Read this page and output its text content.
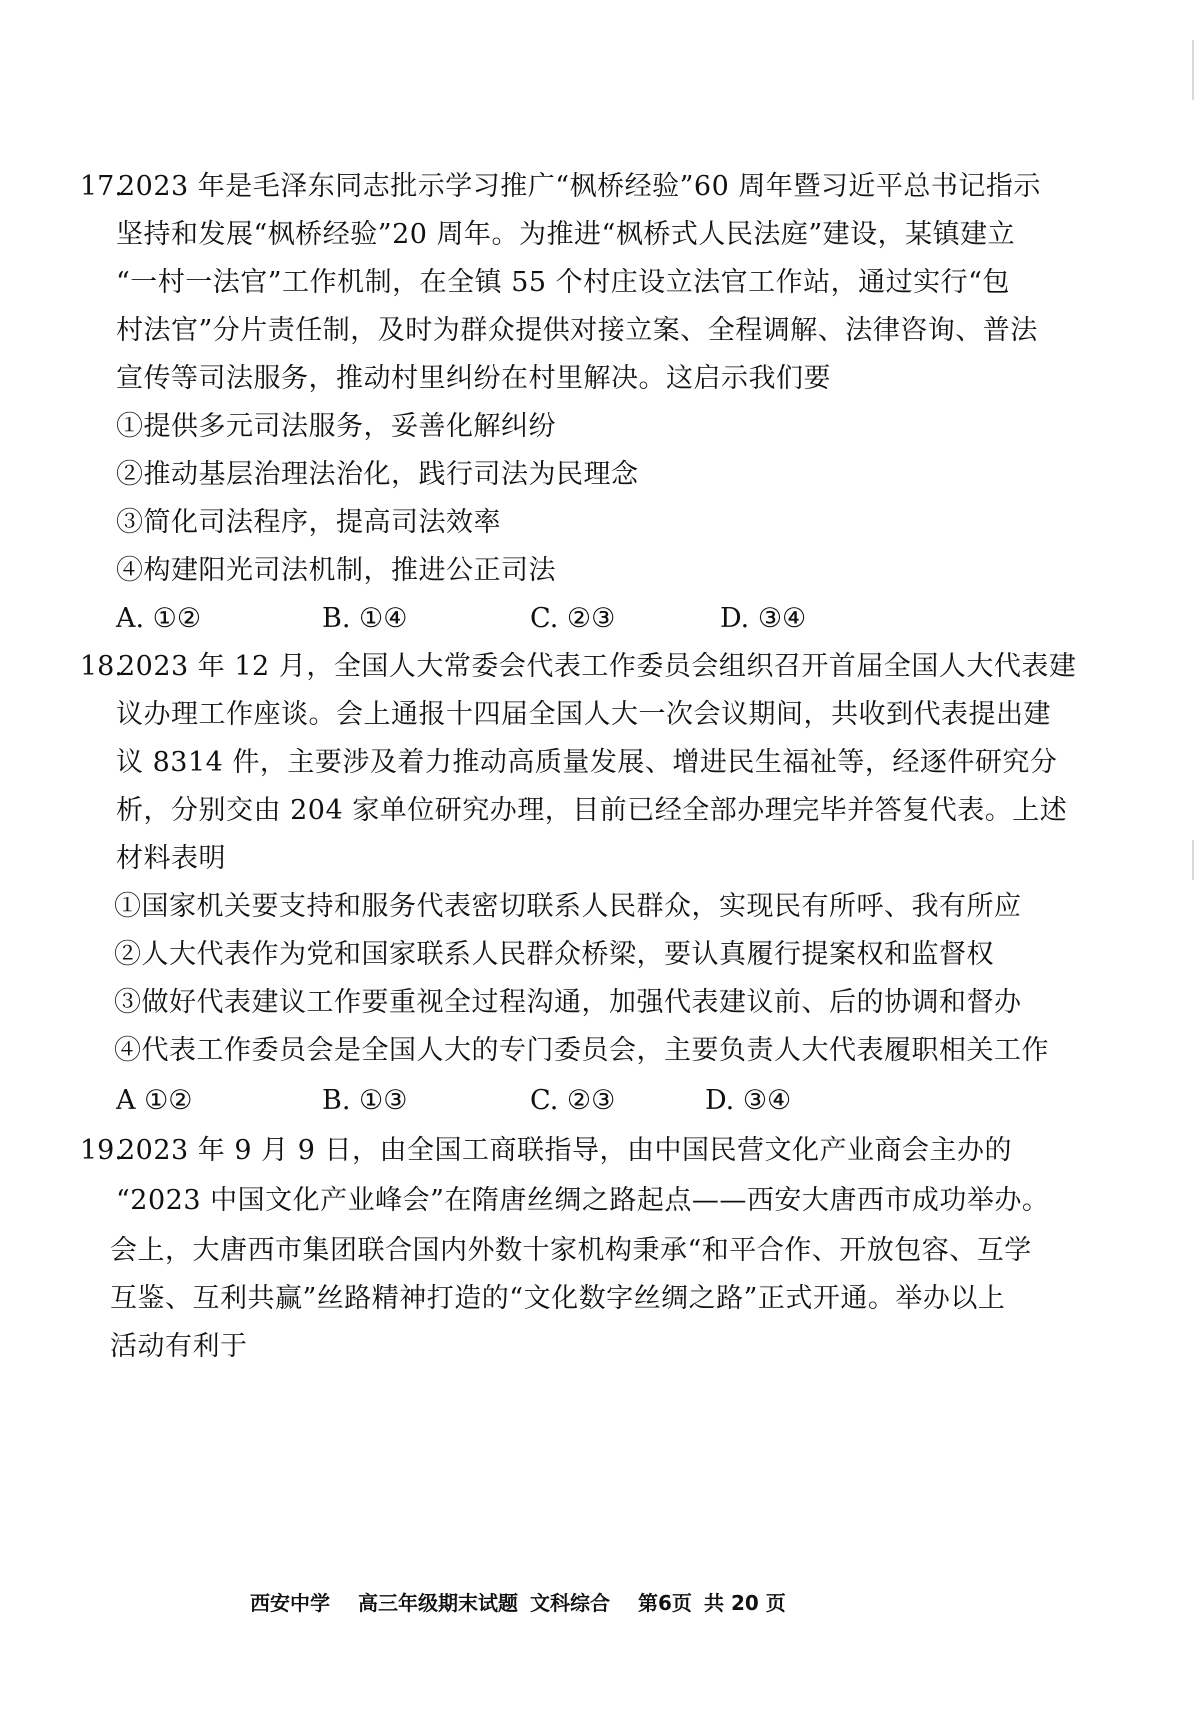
17.
2023 年是毛泽东同志批示学习推广“枫桥经验”60 周年暨习近平总书记指示
坚持和发展“枫桥经验”20 周年。为推进“枫桥式人民法庭”建设，某镇建立
“一村一法官”工作机制，在全镇 55 个村庄设立法官工作站，通过实行“包
村法官”分片责任制，及时为群众提供对接立案、全程调解、法律咨询、普法
宣传等司法服务，推动村里纠纷在村里解决。这启示我们要
①提供多元司法服务，妥善化解纠纷
②推动基层治理法治化，践行司法为民理念
③简化司法程序，提高司法效率
④构建阳光司法机制，推进公正司法
A. ①②	B. ①④	C. ②③	D. ③④
18.
2023 年 12 月，全国人大常委会代表工作委员会组织召开首届全国人大代表建
议办理工作座谈。会上通报十四届全国人大一次会议期间，共收到代表提出建
议 8314 件，主要涉及着力推动高质量发展、增进民生福祉等，经逐件研究分
析，分别交由 204 家单位研究办理，目前已经全部办理完毕并答复代表。上述
材料表明
①国家机关要支持和服务代表密切联系人民群众，实现民有所呼、我有所应
②人大代表作为党和国家联系人民群众桥梁，要认真履行提案权和监督权
③做好代表建议工作要重视全过程沟通，加强代表建议前、后的协调和督办
④代表工作委员会是全国人大的专门委员会，主要负责人大代表履职相关工作
A ①②	B. ①③	C. ②③	D. ③④
19.
2023 年 9 月 9 日，由全国工商联指导，由中国民营文化产业商会主办的
“2023 中国文化产业峰会”在隋唐丝绸之路起点——西安大唐西市成功举办。
会上，大唐西市集团联合国内外数十家机构秉承“和平合作、开放包容、互学
互鉴、互利共赢”丝路精神打造的“文化数字丝绸之路”正式开通。举办以上
活动有利于
西安中学 高三年级期末试题 文科综合 第6页 共 20 页
